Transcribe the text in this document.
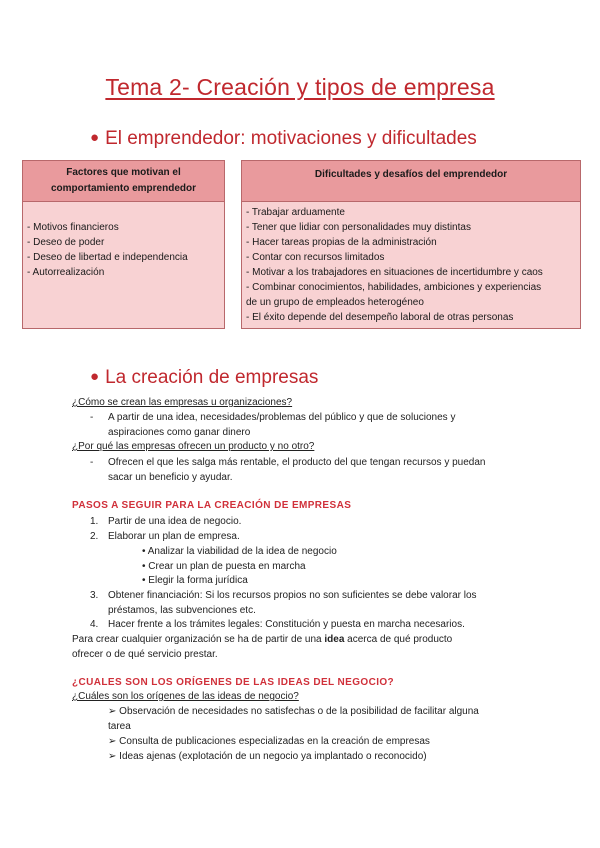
Tema 2- Creación y tipos de empresa
● El emprendedor: motivaciones y dificultades
Factores que motivan el
comportamiento emprendedor
- Motivos financieros
- Deseo de poder
- Deseo de libertad e independencia
- Autorrealización
Dificultades y desafíos del emprendedor
- Trabajar arduamente
- Tener que lidiar con personalidades muy distintas
- Hacer tareas propias de la administración
- Contar con recursos limitados
- Motivar a los trabajadores en situaciones de incertidumbre y caos
- Combinar conocimientos, habilidades, ambiciones y experiencias
de un grupo de empleados heterogéneo
- El éxito depende del desempeño laboral de otras personas
● La creación de empresas
¿Cómo se crean las empresas u organizaciones?
- A partir de una idea, necesidades/problemas del público y que de soluciones y
aspiraciones como ganar dinero
¿Por qué las empresas ofrecen un producto y no otro?
- Ofrecen el que les salga más rentable, el producto del que tengan recursos y puedan
sacar un beneficio y ayudar.
PASOS A SEGUIR PARA LA CREACIÓN DE EMPRESAS
1. Partir de una idea de negocio.
2. Elaborar un plan de empresa.
• Analizar la viabilidad de la idea de negocio
• Crear un plan de puesta en marcha
• Elegir la forma jurídica
3. Obtener financiación: Si los recursos propios no son suficientes se debe valorar los
préstamos, las subvenciones etc.
4. Hacer frente a los trámites legales: Constitución y puesta en marcha necesarios.
Para crear cualquier organización se ha de partir de una idea acerca de qué producto
ofrecer o de qué servicio prestar.
¿CUALES SON LOS ORÍGENES DE LAS IDEAS DEL NEGOCIO?
¿Cuáles son los orígenes de las ideas de negocio?
➢ Observación de necesidades no satisfechas o de la posibilidad de facilitar alguna
tarea
➢ Consulta de publicaciones especializadas en la creación de empresas
➢ Ideas ajenas (explotación de un negocio ya implantado o reconocido)
